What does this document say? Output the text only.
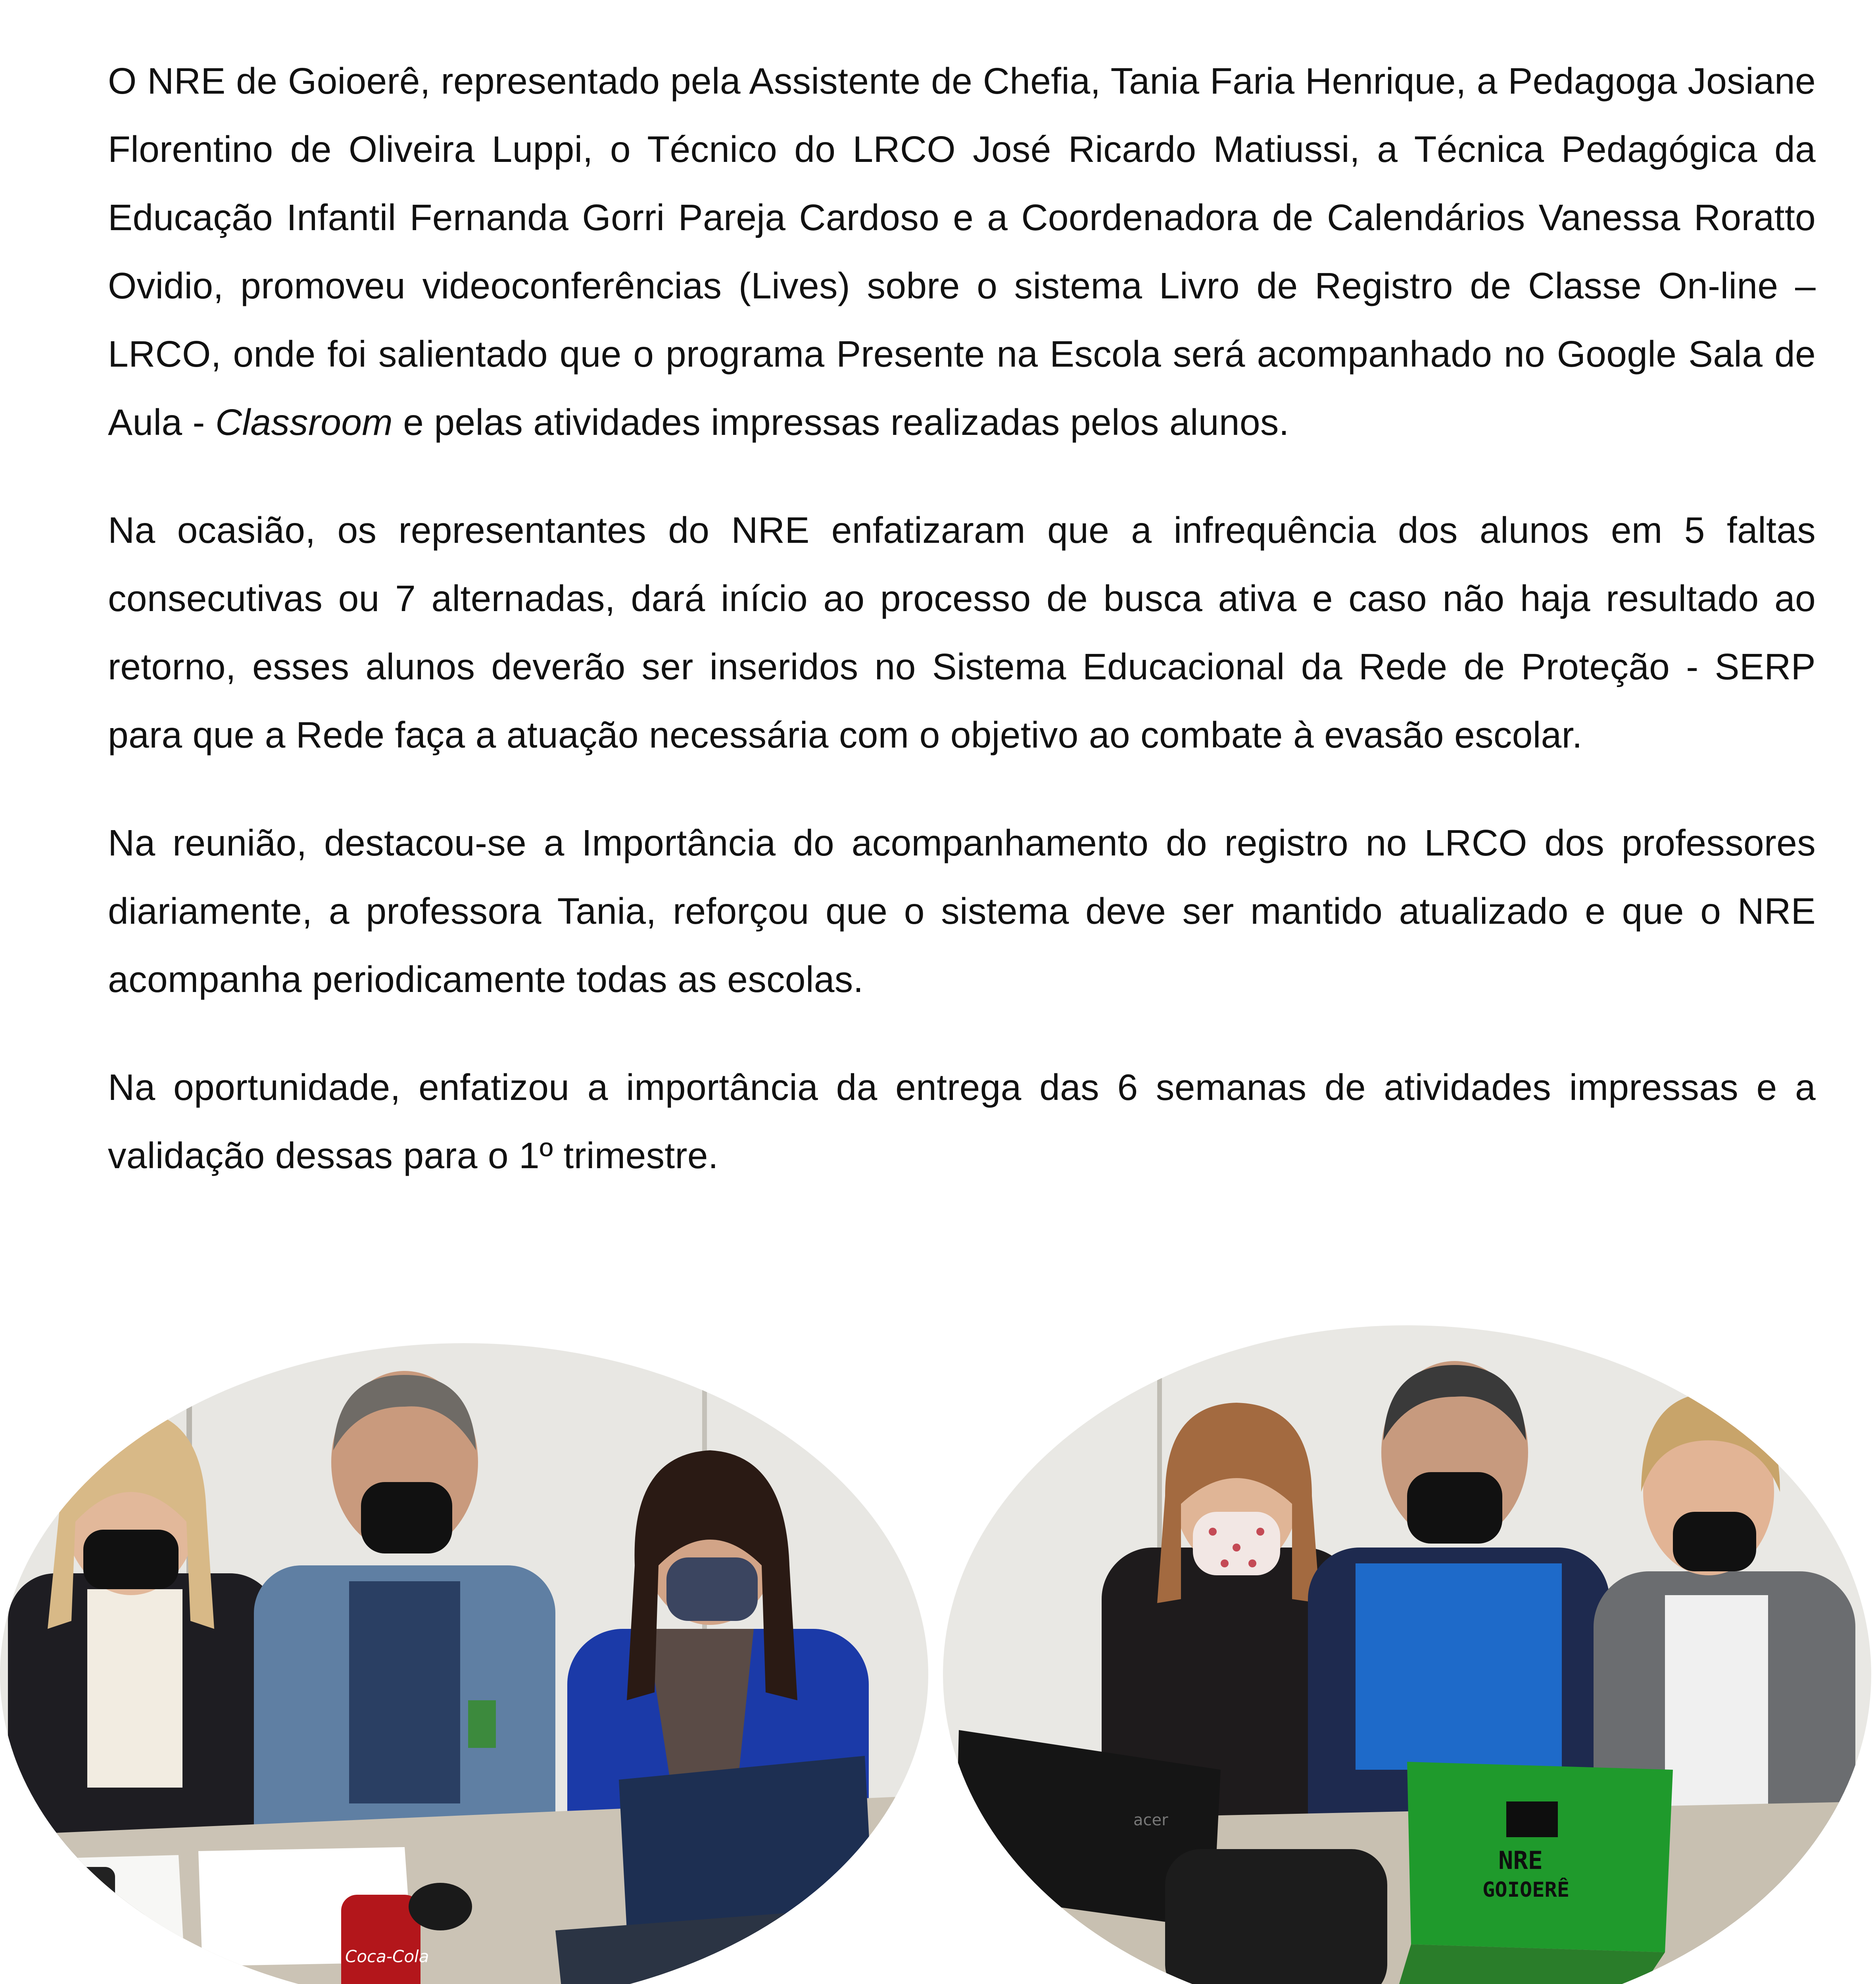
O NRE de Goioerê, representado pela Assistente de Chefia, Tania Faria Henrique, a Pedagoga Josiane Florentino de Oliveira Luppi, o Técnico do LRCO José Ricardo Matiussi, a Técnica Pedagógica da Educação Infantil Fernanda Gorri Pareja Cardoso e a Coordenadora de Calendários Vanessa Roratto Ovidio, promoveu videoconferências (Lives) sobre o sistema Livro de Registro de Classe On-line – LRCO, onde foi salientado que o programa Presente na Escola será acompanhado no Google Sala de Aula - Classroom e pelas atividades impressas realizadas pelos alunos.

Na ocasião, os representantes do NRE enfatizaram que a infrequência dos alunos em 5 faltas consecutivas ou 7 alternadas, dará início ao processo de busca ativa e caso não haja resultado ao retorno, esses alunos deverão ser inseridos no Sistema Educacional da Rede de Proteção - SERP para que a Rede faça a atuação necessária com o objetivo ao combate à evasão escolar.

Na reunião, destacou-se a Importância do acompanhamento do registro no LRCO dos professores diariamente, a professora Tania, reforçou que o sistema deve ser mantido atualizado e que o NRE acompanha periodicamente todas as escolas.

Na oportunidade, enfatizou a importância da entrega das 6 semanas de atividades impressas e a validação dessas para o 1º trimestre.

Coca-Cola
acer
NRE
GOIOERÊ
